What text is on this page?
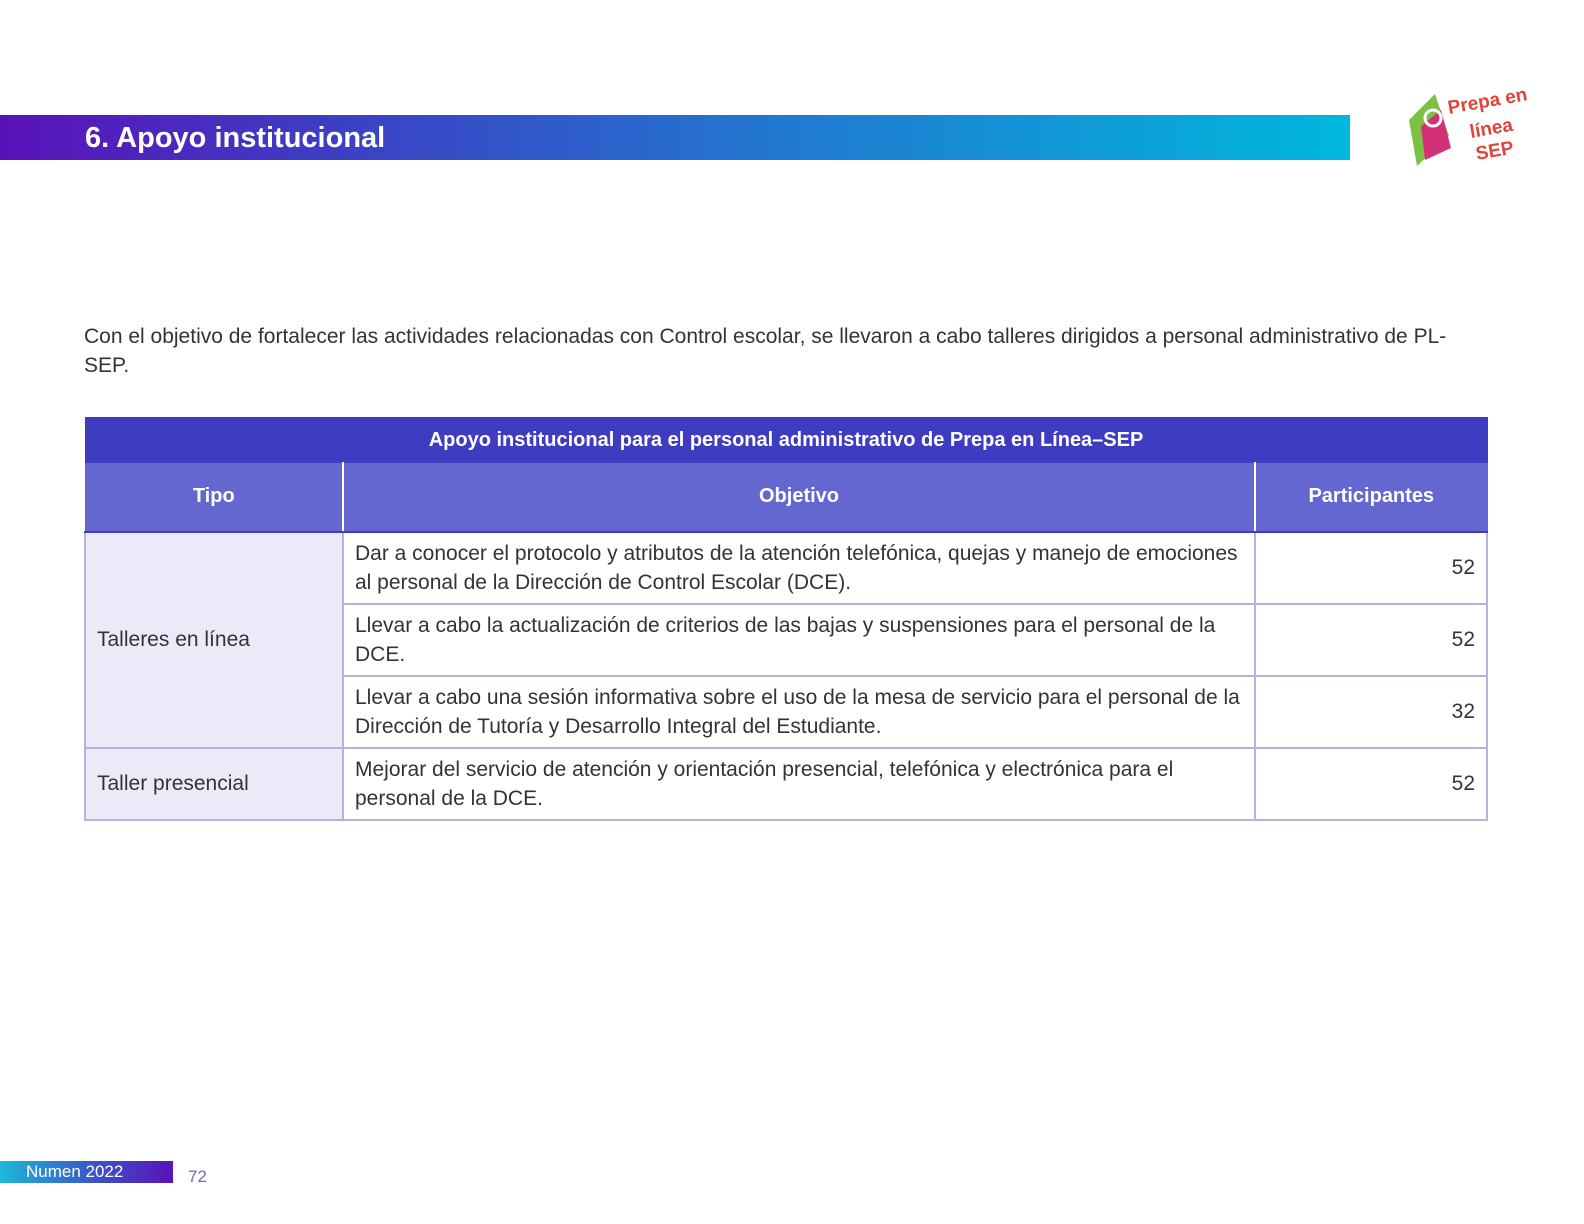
6. Apoyo institucional
Prepa en
línea
SEP

Con el objetivo de fortalecer las actividades relacionadas con Control escolar, se llevaron a cabo talleres dirigidos a personal administrativo de PL-SEP.

Apoyo institucional para el personal administrativo de Prepa en Línea–SEP		
Tipo	Objetivo	Participantes
Talleres en línea	Dar a conocer el protocolo y atributos de la atención telefónica, quejas y manejo de emociones al personal de la Dirección de Control Escolar (DCE).	52
	Llevar a cabo la actualización de criterios de las bajas y suspensiones para el personal de la DCE.	52
	Llevar a cabo una sesión informativa sobre el uso de la mesa de servicio para el personal de la Dirección de Tutoría y Desarrollo Integral del Estudiante.	32
Taller presencial	Mejorar del servicio de atención y orientación presencial, telefónica y electrónica para el personal de la DCE.	52
Numen 2022	72
